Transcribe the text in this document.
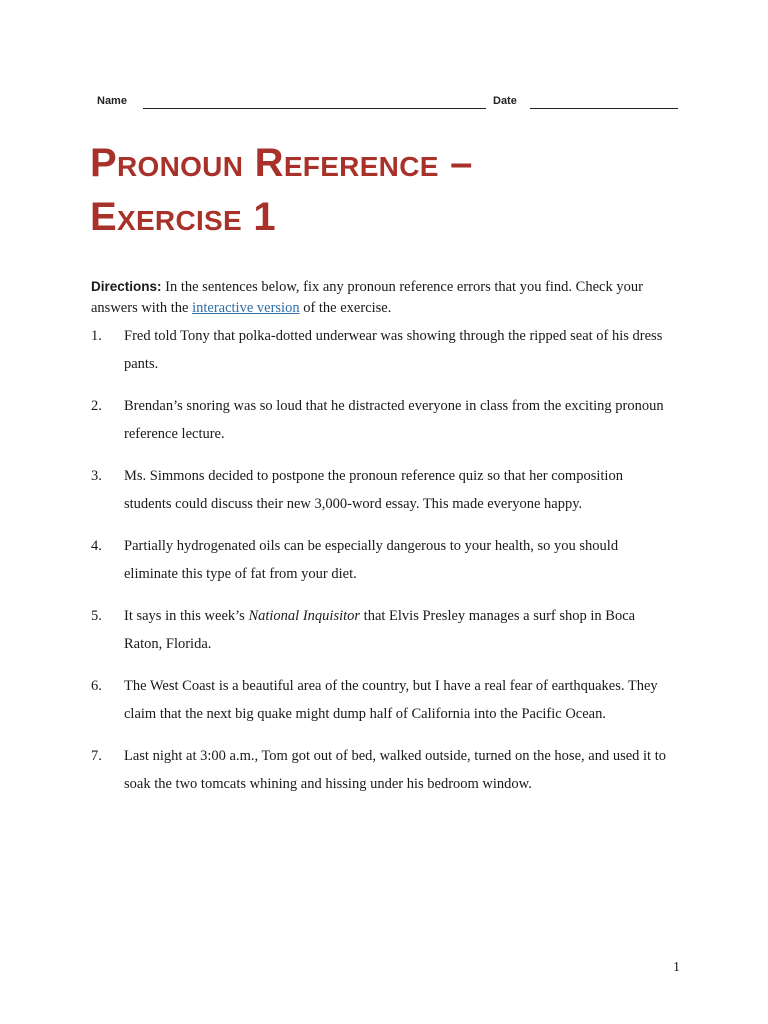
Name	Date
Pronoun Reference –
Exercise 1

Directions: In the sentences below, fix any pronoun reference errors that you find. Check your answers with the interactive version of the exercise.

1. Fred told Tony that polka-dotted underwear was showing through the ripped seat of his dress pants.
2. Brendan’s snoring was so loud that he distracted everyone in class from the exciting pronoun reference lecture.
3. Ms. Simmons decided to postpone the pronoun reference quiz so that her composition students could discuss their new 3,000-word essay. This made everyone happy.
4. Partially hydrogenated oils can be especially dangerous to your health, so you should eliminate this type of fat from your diet.
5. It says in this week’s National Inquisitor that Elvis Presley manages a surf shop in Boca Raton, Florida.
6. The West Coast is a beautiful area of the country, but I have a real fear of earthquakes. They claim that the next big quake might dump half of California into the Pacific Ocean.
7. Last night at 3:00 a.m., Tom got out of bed, walked outside, turned on the hose, and used it to soak the two tomcats whining and hissing under his bedroom window.
1
